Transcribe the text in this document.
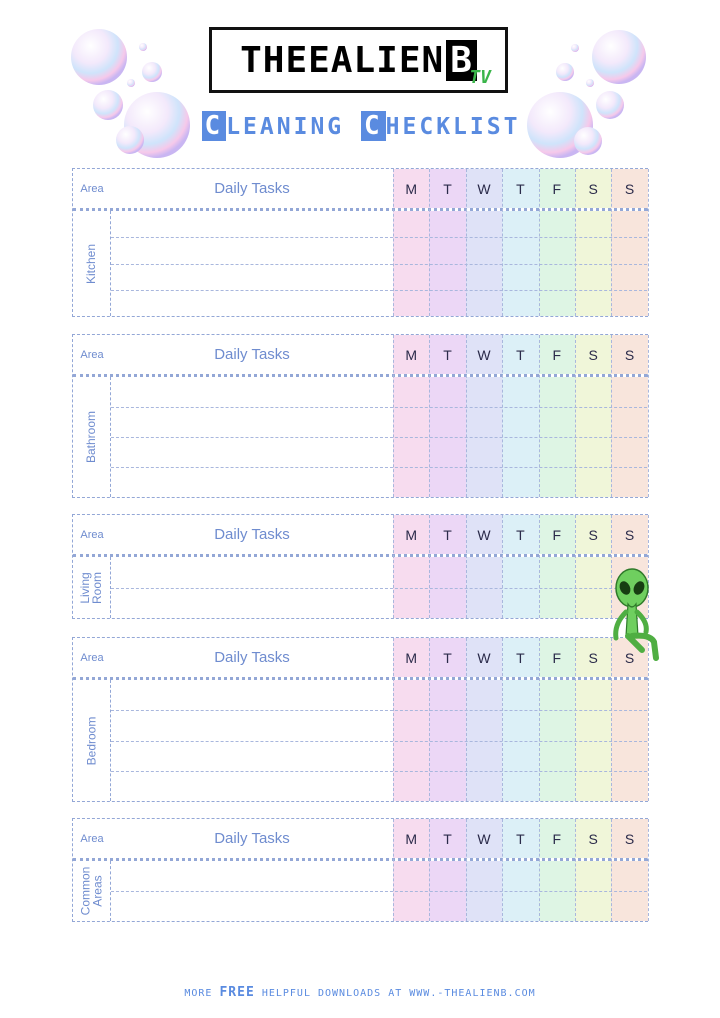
THEEALIEN B
TV
C LEANING C HECKLIST
Area	Daily Tasks	M	T	W	T	F	S	S
Kitchen
Area	Daily Tasks	M	T	W	T	F	S	S
Bathroom
Area	Daily Tasks	M	T	W	T	F	S	S
Living
Room
Area	Daily Tasks	M	T	W	T	F	S	S
Bedroom
Area	Daily Tasks	M	T	W	T	F	S	S
Common
Areas
MORE FREE HELPFUL DOWNLOADS AT WWW.-THEALIENB.COM
